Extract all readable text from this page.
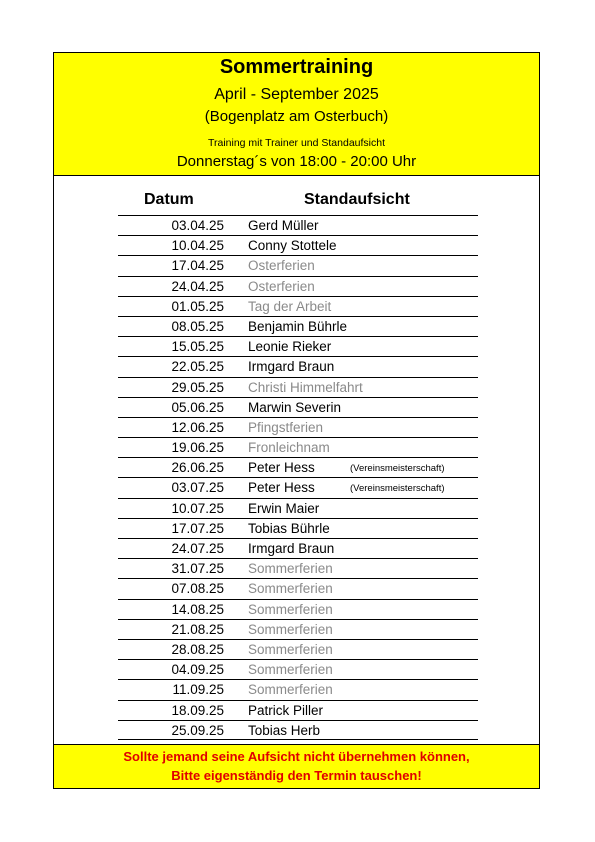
Sommertraining
April - September 2025
(Bogenplatz am Osterbuch)
Training mit Trainer und Standaufsicht
Donnerstag´s von 18:00 - 20:00 Uhr
Datum	Standaufsicht
03.04.25 Gerd Müller
10.04.25 Conny Stottele
17.04.25 Osterferien
24.04.25 Osterferien
01.05.25 Tag der Arbeit
08.05.25 Benjamin Bührle
15.05.25 Leonie Rieker
22.05.25 Irmgard Braun
29.05.25 Christi Himmelfahrt
05.06.25 Marwin Severin
12.06.25 Pfingstferien
19.06.25 Fronleichnam
26.06.25 Peter Hess	(Vereinsmeisterschaft)
03.07.25 Peter Hess	(Vereinsmeisterschaft)
10.07.25 Erwin Maier
17.07.25 Tobias Bührle
24.07.25 Irmgard Braun
31.07.25 Sommerferien
07.08.25 Sommerferien
14.08.25 Sommerferien
21.08.25 Sommerferien
28.08.25 Sommerferien
04.09.25 Sommerferien
11.09.25 Sommerferien
18.09.25 Patrick Piller
25.09.25 Tobias Herb
Sollte jemand seine Aufsicht nicht übernehmen können,
Bitte eigenständig den Termin tauschen!
